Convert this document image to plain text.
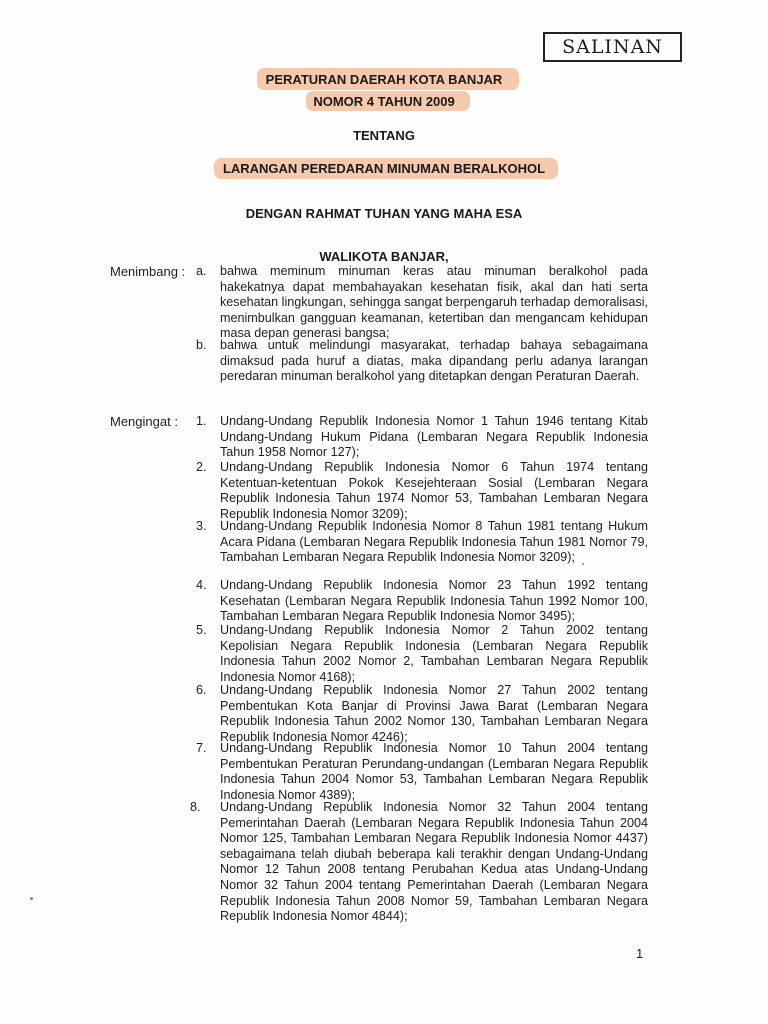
SALINAN
PERATURAN DAERAH KOTA BANJAR
NOMOR 4 TAHUN 2009
TENTANG
LARANGAN PEREDARAN MINUMAN BERALKOHOL
DENGAN RAHMAT TUHAN YANG MAHA ESA
WALIKOTA BANJAR,
Menimbang : a. bahwa meminum minuman keras atau minuman beralkohol pada hakekatnya dapat membahayakan kesehatan fisik, akal dan hati serta kesehatan lingkungan, sehingga sangat berpengaruh terhadap demoralisasi, menimbulkan gangguan keamanan, ketertiban dan mengancam kehidupan masa depan generasi bangsa;
b. bahwa untuk melindungi masyarakat, terhadap bahaya sebagaimana dimaksud pada huruf a diatas, maka dipandang perlu adanya larangan peredaran minuman beralkohol yang ditetapkan dengan Peraturan Daerah.
Mengingat : 1. Undang-Undang Republik Indonesia Nomor 1 Tahun 1946 tentang Kitab Undang-Undang Hukum Pidana (Lembaran Negara Republik Indonesia Tahun 1958 Nomor 127);
2. Undang-Undang Republik Indonesia Nomor 6 Tahun 1974 tentang Ketentuan-ketentuan Pokok Kesejehteraan Sosial (Lembaran Negara Republik Indonesia Tahun 1974 Nomor 53, Tambahan Lembaran Negara Republik Indonesia Nomor 3209);
3. Undang-Undang Republik Indonesia Nomor 8 Tahun 1981 tentang Hukum Acara Pidana (Lembaran Negara Republik Indonesia Tahun 1981 Nomor 79, Tambahan Lembaran Negara Republik Indonesia Nomor 3209);
4. Undang-Undang Republik Indonesia Nomor 23 Tahun 1992 tentang Kesehatan (Lembaran Negara Republik Indonesia Tahun 1992 Nomor 100, Tambahan Lembaran Negara Republik Indonesia Nomor 3495);
5. Undang-Undang Republik Indonesia Nomor 2 Tahun 2002 tentang Kepolisian Negara Republik Indonesia (Lembaran Negara Republik Indonesia Tahun 2002 Nomor 2, Tambahan Lembaran Negara Republik Indonesia Nomor 4168);
6. Undang-Undang Republik Indonesia Nomor 27 Tahun 2002 tentang Pembentukan Kota Banjar di Provinsi Jawa Barat (Lembaran Negara Republik Indonesia Tahun 2002 Nomor 130, Tambahan Lembaran Negara Republik Indonesia Nomor 4246);
7. Undang-Undang Republik Indonesia Nomor 10 Tahun 2004 tentang Pembentukan Peraturan Perundang-undangan (Lembaran Negara Republik Indonesia Tahun 2004 Nomor 53, Tambahan Lembaran Negara Republik Indonesia Nomor 4389);
8. Undang-Undang Republik Indonesia Nomor 32 Tahun 2004 tentang Pemerintahan Daerah (Lembaran Negara Republik Indonesia Tahun 2004 Nomor 125, Tambahan Lembaran Negara Republik Indonesia Nomor 4437) sebagaimana telah diubah beberapa kali terakhir dengan Undang-Undang Nomor 12 Tahun 2008 tentang Perubahan Kedua atas Undang-Undang Nomor 32 Tahun 2004 tentang Pemerintahan Daerah (Lembaran Negara Republik Indonesia Tahun 2008 Nomor 59, Tambahan Lembaran Negara Republik Indonesia Nomor 4844);
1
